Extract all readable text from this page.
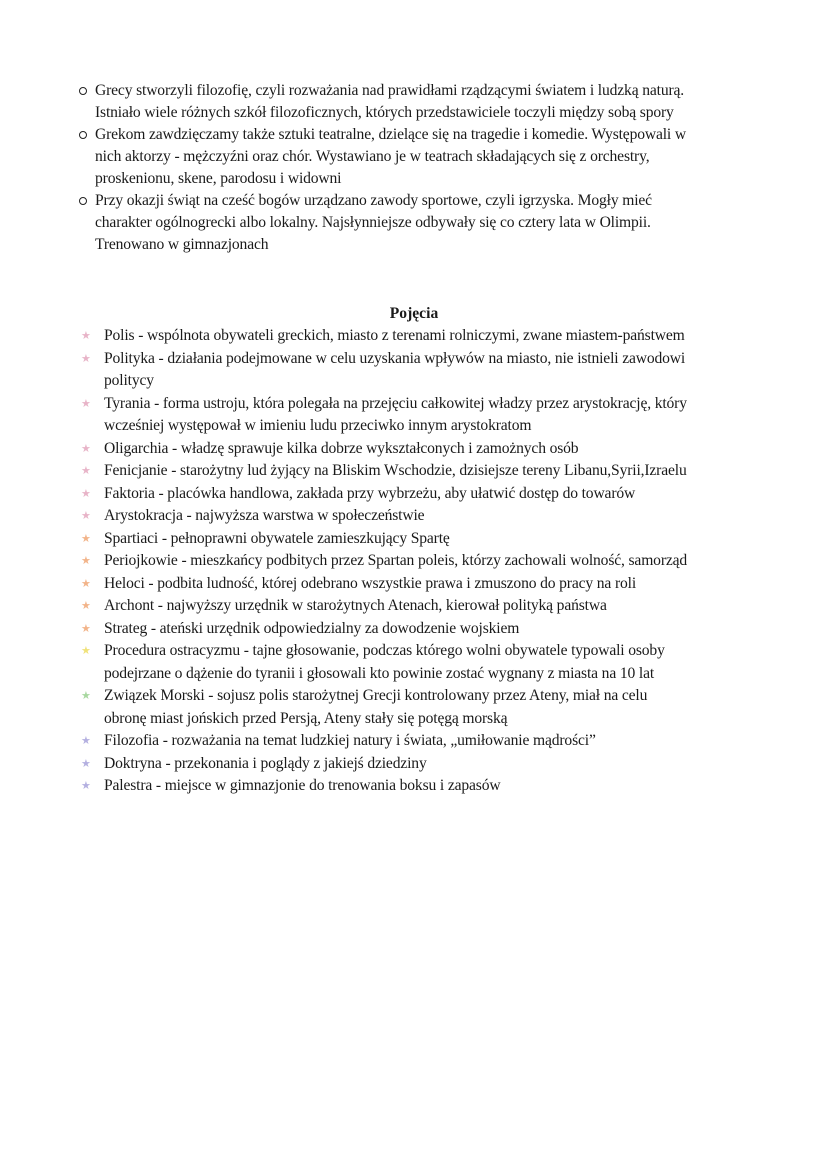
Grecy stworzyli filozofię, czyli rozważania nad prawidłami rządzącymi światem i ludzką naturą.
Istniało wiele różnych szkół filozoficznych, których przedstawiciele toczyli między sobą spory
Grekom zawdzięczamy także sztuki teatralne, dzielące się na tragedie i komedie. Występowali w
nich aktorzy - mężczyźni oraz chór. Wystawiano je w teatrach składających się z orchestry,
proskenionu, skene, parodosu i widowni
Przy okazji świąt na cześć bogów urządzano zawody sportowe, czyli igrzyska. Mogły mieć
charakter ogólnogrecki albo lokalny. Najsłynniejsze odbywały się co cztery lata w Olimpii.
Trenowano w gimnazjonach
Pojęcia
★ Polis - wspólnota obywateli greckich, miasto z terenami rolniczymi, zwane miastem-państwem
★ Polityka - działania podejmowane w celu uzyskania wpływów na miasto, nie istnieli zawodowi
politycy
★ Tyrania - forma ustroju, która polegała na przejęciu całkowitej władzy przez arystokrację, który
wcześniej występował w imieniu ludu przeciwko innym arystokratom
★ Oligarchia - władzę sprawuje kilka dobrze wykształconych i zamożnych osób
★ Fenicjanie - starożytny lud żyjący na Bliskim Wschodzie, dzisiejsze tereny Libanu,Syrii,Izraelu
★ Faktoria - placówka handlowa, zakłada przy wybrzeżu, aby ułatwić dostęp do towarów
★ Arystokracja - najwyższa warstwa w społeczeństwie
★ Spartiaci - pełnoprawni obywatele zamieszkujący Spartę
★ Periojkowie - mieszkańcy podbitych przez Spartan poleis, którzy zachowali wolność, samorząd
★ Heloci - podbita ludność, której odebrano wszystkie prawa i zmuszono do pracy na roli
★ Archont - najwyższy urzędnik w starożytnych Atenach, kierował polityką państwa
★ Strateg - ateński urzędnik odpowiedzialny za dowodzenie wojskiem
★ Procedura ostracyzmu - tajne głosowanie, podczas którego wolni obywatele typowali osoby
podejrzane o dążenie do tyranii i głosowali kto powinie zostać wygnany z miasta na 10 lat
★ Związek Morski - sojusz polis starożytnej Grecji kontrolowany przez Ateny, miał na celu
obronę miast jońskich przed Persją, Ateny stały się potęgą morską
★ Filozofia - rozważania na temat ludzkiej natury i świata, „umiłowanie mądrości”
★ Doktryna - przekonania i poglądy z jakiejś dziedziny
★ Palestra - miejsce w gimnazjonie do trenowania boksu i zapasów
